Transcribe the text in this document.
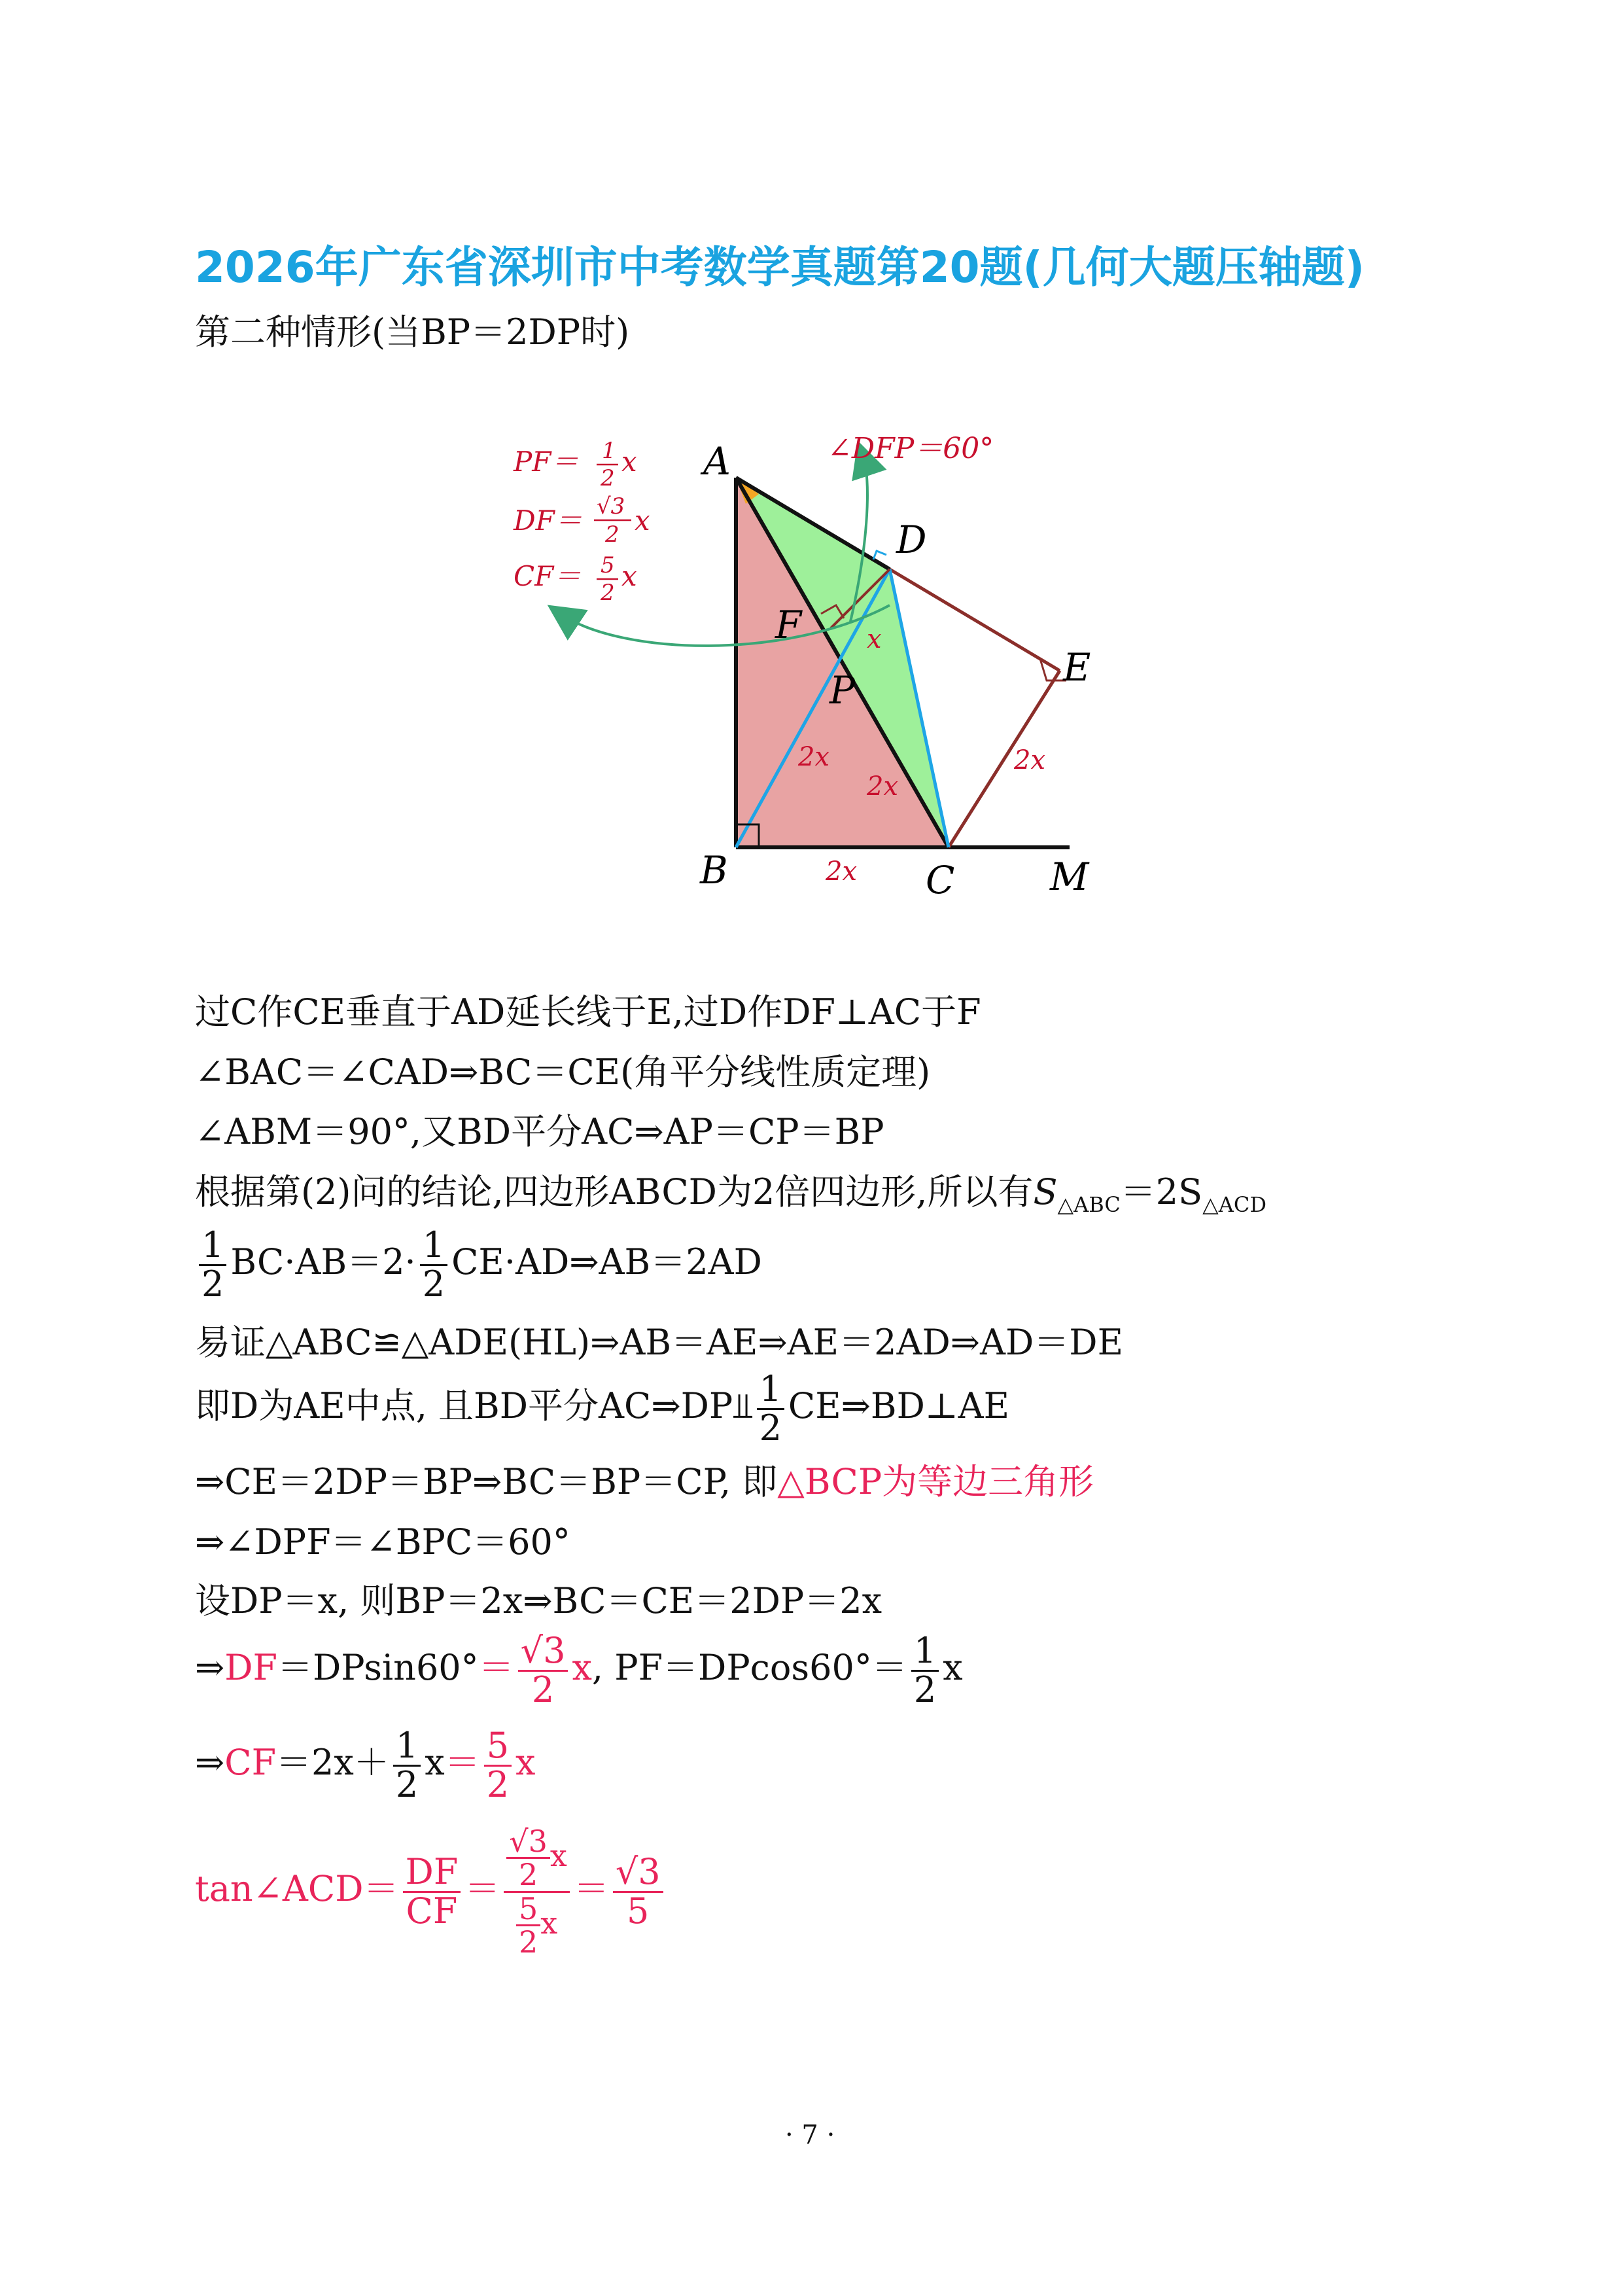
2026年广东省深圳市中考数学真题第20题(几何大题压轴题)
第二种情形(当BP＝2DP时)
A
B	C
D
E
F
P
M
x
2x
2x
2x
2x
∠DFP＝60°
PF＝ 1
2
x
DF＝ √3
2 x
CF＝ 5
2
x
过C作CE垂直于AD延长线于E,过D作DF⊥AC于F
∠BAC＝∠CAD⇒BC＝CE(角平分线性质定理)
∠ABM＝90°,又BD平分AC⇒AP＝CP＝BP
根据第(2)问的结论,四边形ABCD为2倍四边形,所以有$S_{\triangle ABC}=2S_{\triangle ACD}$
$\frac{1}{2} BC\cdot AB=2\cdot \frac{1}{2}$ CE·AD⇒AB＝2AD
易证△ABC≌△ADE(HL)⇒AB＝AE⇒AE＝2AD⇒AD＝DE
即D为AE中点, 且BD平分AC⇒DP⫫ $\frac{1}{2}$ CE⇒BD⊥AE
⇒CE＝2DP＝BP⇒BC＝BP＝CP, 即△BCP为等边三角形
⇒∠DPF＝∠BPC＝60°
设DP＝x, 则BP＝2x⇒BC＝CE＝2DP＝2x
⇒DF＝DPsin60°＝ $\frac{√3}{2} x$, $PF=DPcos60^\circ= \frac{1}{2}$ x
⇒CF＝2x＋ $\frac{1}{2} x= \frac{5}{2}$ x
tan∠ACD＝ $\frac{DF}{CF} = \frac{\frac{√3}{2} x}{\frac{5}{2} x} = \frac{√3}{5}$
· 7 ·
